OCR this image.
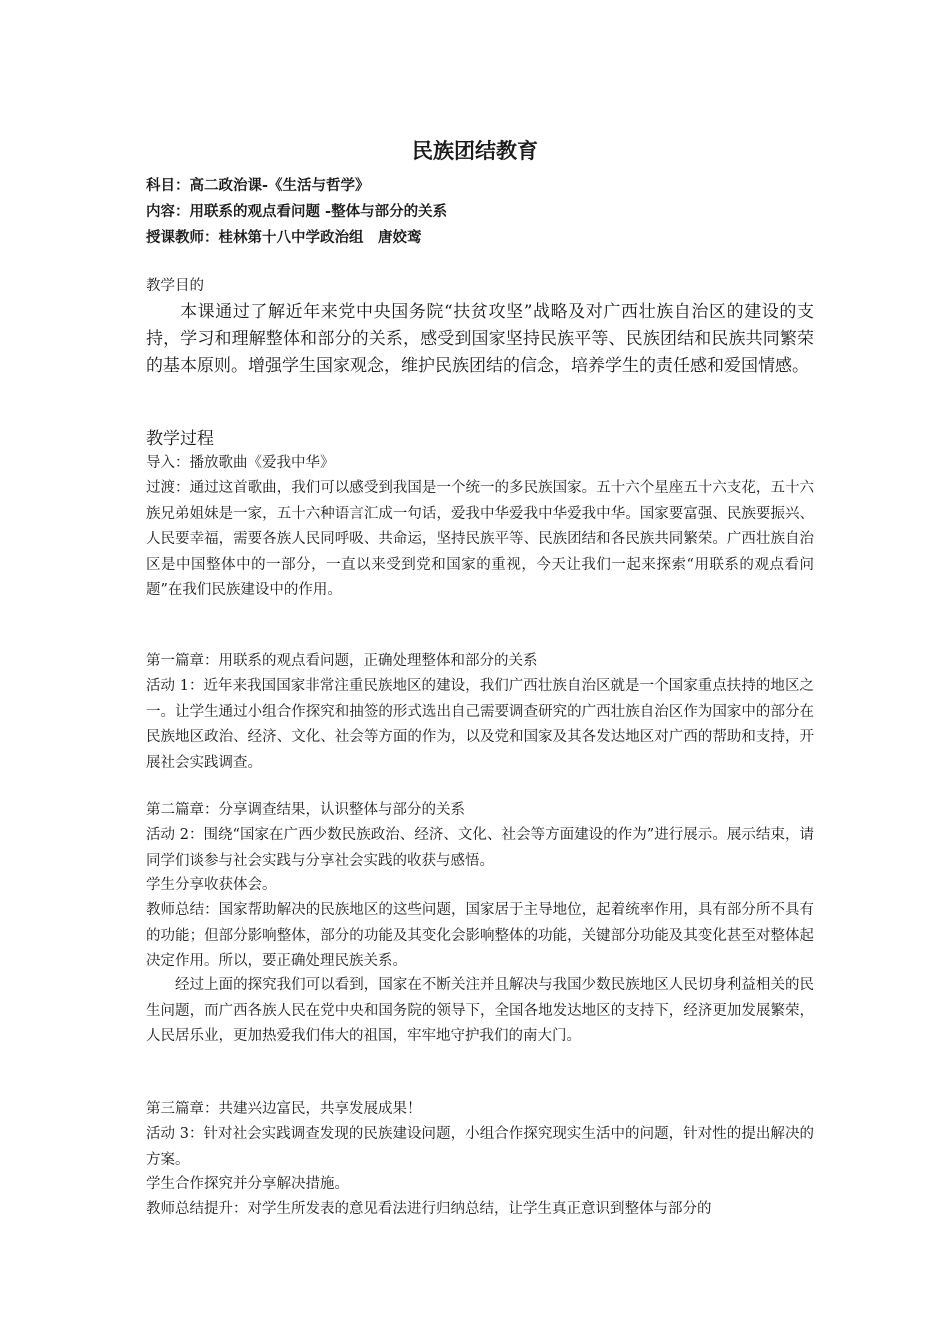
民族团结教育
科目：高二政治课-《生活与哲学》
内容：用联系的观点看问题 -整体与部分的关系
授课教师：桂林第十八中学政治组　唐姣鸾
教学目的
本课通过了解近年来党中央国务院“扶贫攻坚”战略及对广西壮族自治区的建设的支持，学习和理解整体和部分的关系，感受到国家坚持民族平等、民族团结和民族共同繁荣的基本原则。增强学生国家观念，维护民族团结的信念，培养学生的责任感和爱国情感。
教学过程
导入：播放歌曲《爱我中华》
过渡：通过这首歌曲，我们可以感受到我国是一个统一的多民族国家。五十六个星座五十六支花，五十六族兄弟姐妹是一家，五十六种语言汇成一句话，爱我中华爱我中华爱我中华。国家要富强、民族要振兴、人民要幸福，需要各族人民同呼吸、共命运，坚持民族平等、民族团结和各民族共同繁荣。广西壮族自治区是中国整体中的一部分，一直以来受到党和国家的重视，今天让我们一起来探索“用联系的观点看问题”在我们民族建设中的作用。
第一篇章：用联系的观点看问题，正确处理整体和部分的关系
活动 1：近年来我国国家非常注重民族地区的建设，我们广西壮族自治区就是一个国家重点扶持的地区之一。让学生通过小组合作探究和抽签的形式选出自己需要调查研究的广西壮族自治区作为国家中的部分在民族地区政治、经济、文化、社会等方面的作为，以及党和国家及其各发达地区对广西的帮助和支持，开展社会实践调查。
第二篇章：分享调查结果，认识整体与部分的关系
活动 2：围绕“国家在广西少数民族政治、经济、文化、社会等方面建设的作为”进行展示。展示结束，请同学们谈参与社会实践与分享社会实践的收获与感悟。
学生分享收获体会。
教师总结：国家帮助解决的民族地区的这些问题，国家居于主导地位，起着统率作用，具有部分所不具有的功能；但部分影响整体，部分的功能及其变化会影响整体的功能，关键部分功能及其变化甚至对整体起决定作用。所以，要正确处理民族关系。
经过上面的探究我们可以看到，国家在不断关注并且解决与我国少数民族地区人民切身利益相关的民生问题，而广西各族人民在党中央和国务院的领导下，全国各地发达地区的支持下，经济更加发展繁荣，人民居乐业，更加热爱我们伟大的祖国，牢牢地守护我们的南大门。
第三篇章：共建兴边富民，共享发展成果！
活动 3：针对社会实践调查发现的民族建设问题，小组合作探究现实生活中的问题，针对性的提出解决的方案。
学生合作探究并分享解决措施。
教师总结提升：对学生所发表的意见看法进行归纳总结，让学生真正意识到整体与部分的
